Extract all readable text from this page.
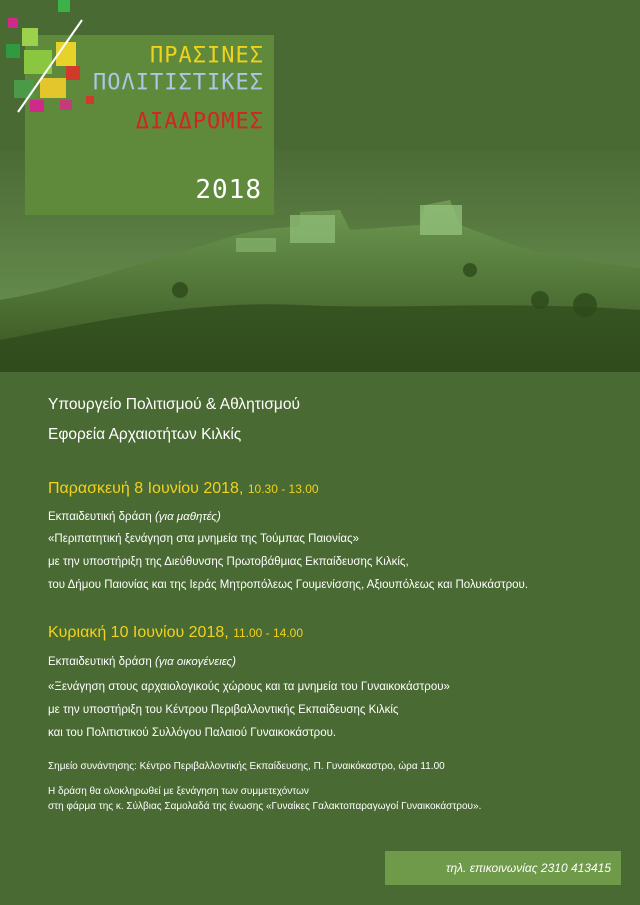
ΠΡΑΣΙΝΕΣ
ΠΟΛΙΤΙΣΤΙΚΕΣ
ΔΙΑΔΡΟΜΕΣ
2018
Υπουργείο Πολιτισμού & Αθλητισμού
Εφορεία Αρχαιοτήτων Κιλκίς
Παρασκευή 8 Ιουνίου 2018, 10.30 - 13.00
Εκπαιδευτική δράση (για μαθητές)
«Περιπατητική ξενάγηση στα μνημεία της Τούμπας Παιονίας»
με την υποστήριξη της Διεύθυνσης Πρωτοβάθμιας Εκπαίδευσης Κιλκίς,
του Δήμου Παιονίας και της Ιεράς Μητροπόλεως Γουμενίσσης, Αξιουπόλεως και Πολυκάστρου.
Κυριακή 10 Ιουνίου 2018, 11.00 - 14.00
Εκπαιδευτική δράση (για οικογένειες)
«Ξενάγηση στους αρχαιολογικούς χώρους και τα μνημεία του Γυναικοκάστρου»
με την υποστήριξη του Κέντρου Περιβαλλοντικής Εκπαίδευσης Κιλκίς
και του Πολιτιστικού Συλλόγου Παλαιού Γυναικοκάστρου.
Σημείο συνάντησης: Κέντρο Περιβαλλοντικής Εκπαίδευσης, Π. Γυναικόκαστρο, ώρα 11.00
Η δράση θα ολοκληρωθεί με ξενάγηση των συμμετεχόντων
στη φάρμα της κ. Σύλβιας Σαμολαδά της ένωσης «Γυναίκες Γαλακτοπαραγωγοί Γυναικοκάστρου».
τηλ. επικοινωνίας 2310 413415
